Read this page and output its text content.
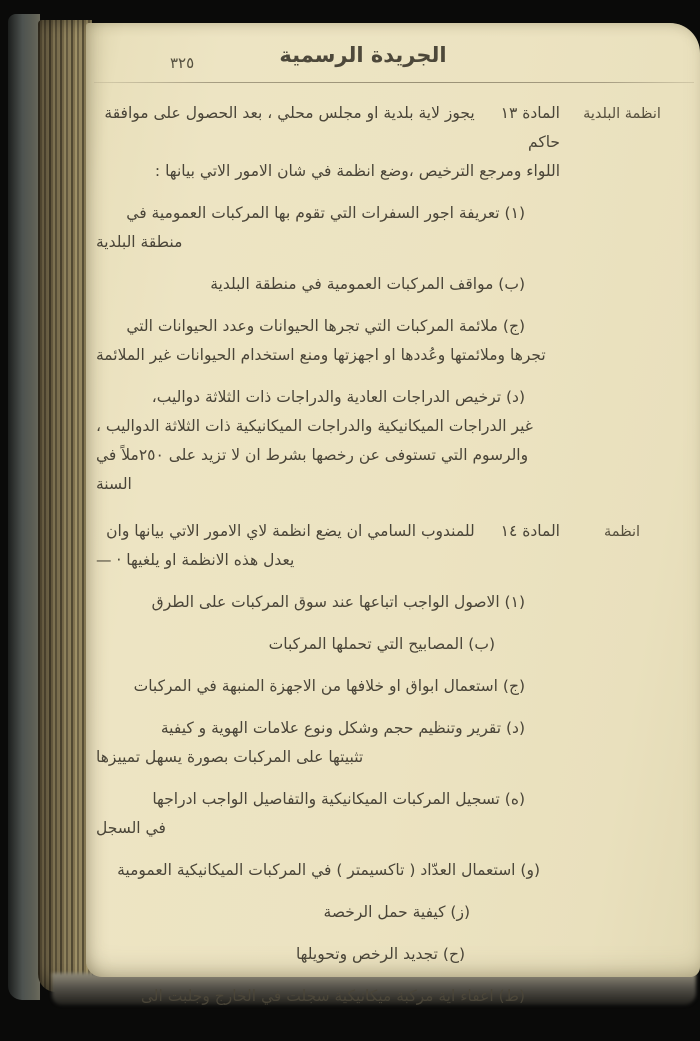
٣٢٥	الجريدة الرسمية
انظمة البلدية
المادة ١٣يجوز لاية بلدية او مجلس محلي ، بعد الحصول على موافقة حاكم
اللواء ومرجع الترخيص ،وضع انظمة في شان الامور الاتي بيانها :
(١) تعريفة اجور السفرات التي تقوم بها المركبات العمومية في
منطقة البلدية
(ب) مواقف المركبات العمومية في منطقة البلدية
(ج) ملائمة المركبات التي تجرها الحيوانات وعدد الحيوانات التي
تجرها وملائمتها وعُددها او اجهزتها ومنع استخدام الحيوانات غير الملائمة
(د) ترخيص الدراجات العادية والدراجات ذات الثلاثة دواليب،
غير الدراجات الميكانيكية والدراجات الميكانيكية ذات الثلاثة الدواليب ،
والرسوم التي تستوفى عن رخصها بشرط ان لا تزيد على ٢٥٠ملاً في السنة
انظمة
المادة ١٤للمندوب السامي ان يضع انظمة لاي الامور الاتي بيانها وان
يعدل هذه الانظمة او يلغيها · —
(١) الاصول الواجب اتباعها عند سوق المركبات على الطرق
(ب) المصابيح التي تحملها المركبات
(ج) استعمال ابواق او خلافها من الاجهزة المنبهة في المركبات
(د) تقرير وتنظيم حجم وشكل ونوع علامات الهوية و كيفية
تثبيتها على المركبات بصورة يسهل تمييزها
(ه) تسجيل المركبات الميكانيكية والتفاصيل الواجب ادراجها
في السجل
(و) استعمال العدّاد ( تاكسيمتر ) في المركبات الميكانيكية العمومية
(ز) كيفية حمل الرخصة
(ح) تجديد الرخص وتحويلها
(ط) اعفاء اية مركبة ميكانيكية سجلت في الخارج وجلبت الى
